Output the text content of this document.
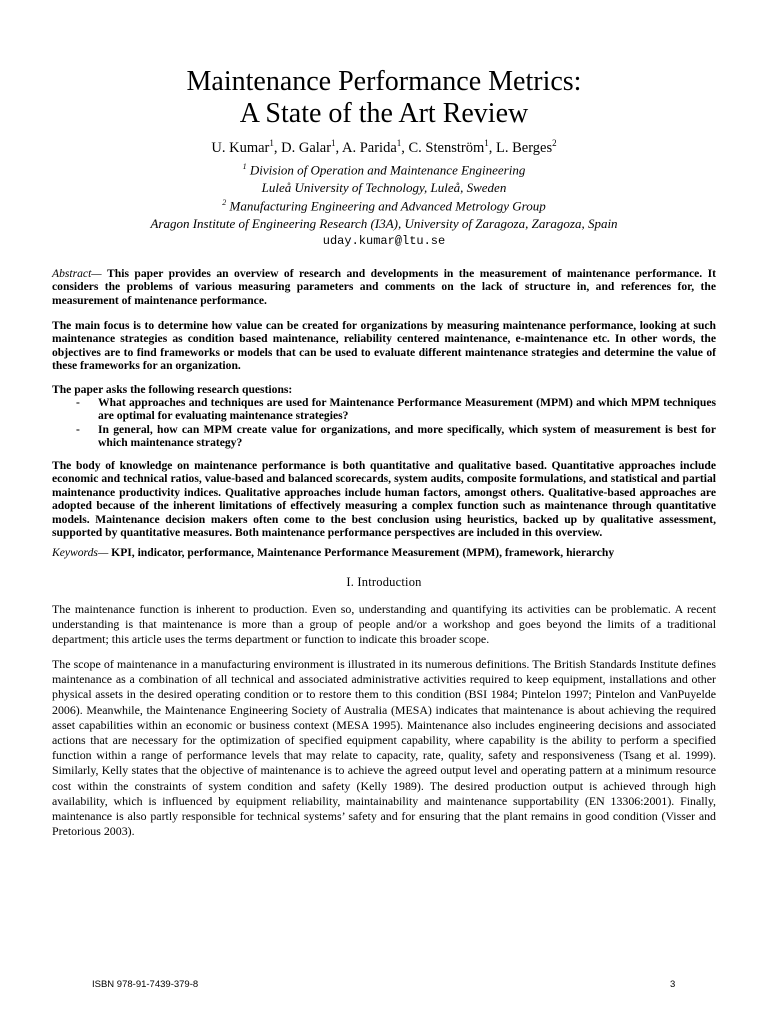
Maintenance Performance Metrics:
A State of the Art Review
U. Kumar$^1$, D. Galar$^1$, A. Parida$^1$, C. Stenström$^1$, L. Berges$^2$
$^1$ Division of Operation and Maintenance Engineering
Luleå University of Technology, Luleå, Sweden
$^2$ Manufacturing Engineering and Advanced Metrology Group
Aragon Institute of Engineering Research (I3A), University of Zaragoza, Zaragoza, Spain
uday.kumar@ltu.se

Abstract— This paper provides an overview of research and developments in the measurement of maintenance performance. It considers the problems of various measuring parameters and comments on the lack of structure in, and references for, the measurement of maintenance performance.

The main focus is to determine how value can be created for organizations by measuring maintenance performance, looking at such maintenance strategies as condition based maintenance, reliability centered maintenance, e-maintenance etc. In other words, the objectives are to find frameworks or models that can be used to evaluate different maintenance strategies and determine the value of these frameworks for an organization.

The paper asks the following research questions:

- What approaches and techniques are used for Maintenance Performance Measurement (MPM) and which MPM techniques are optimal for evaluating maintenance strategies?
- In general, how can MPM create value for organizations, and more specifically, which system of measurement is best for which maintenance strategy?

The body of knowledge on maintenance performance is both quantitative and qualitative based. Quantitative approaches include economic and technical ratios, value-based and balanced scorecards, system audits, composite formulations, and statistical and partial maintenance productivity indices. Qualitative approaches include human factors, amongst others. Qualitative-based approaches are adopted because of the inherent limitations of effectively measuring a complex function such as maintenance through quantitative models. Maintenance decision makers often come to the best conclusion using heuristics, backed up by qualitative assessment, supported by quantitative measures. Both maintenance performance perspectives are included in this overview.

Keywords— KPI, indicator, performance, Maintenance Performance Measurement (MPM), framework, hierarchy

I. Introduction

The maintenance function is inherent to production. Even so, understanding and quantifying its activities can be problematic. A recent understanding is that maintenance is more than a group of people and/or a workshop and goes beyond the limits of a traditional department; this article uses the terms department or function to indicate this broader scope.

The scope of maintenance in a manufacturing environment is illustrated in its numerous definitions. The British Standards Institute defines maintenance as a combination of all technical and associated administrative activities required to keep equipment, installations and other physical assets in the desired operating condition or to restore them to this condition (BSI 1984; Pintelon 1997; Pintelon and VanPuyelde 2006). Meanwhile, the Maintenance Engineering Society of Australia (MESA) indicates that maintenance is about achieving the required asset capabilities within an economic or business context (MESA 1995). Maintenance also includes engineering decisions and associated actions that are necessary for the optimization of specified equipment capability, where capability is the ability to perform a specified function within a range of performance levels that may relate to capacity, rate, quality, safety and responsiveness (Tsang et al. 1999). Similarly, Kelly states that the objective of maintenance is to achieve the agreed output level and operating pattern at a minimum resource cost within the constraints of system condition and safety (Kelly 1989). The desired production output is achieved through high availability, which is influenced by equipment reliability, maintainability and maintenance supportability (EN 13306:2001). Finally, maintenance is also partly responsible for technical systems’ safety and for ensuring that the plant remains in good condition (Visser and Pretorious 2003).

ISBN 978-91-7439-379-8	3
